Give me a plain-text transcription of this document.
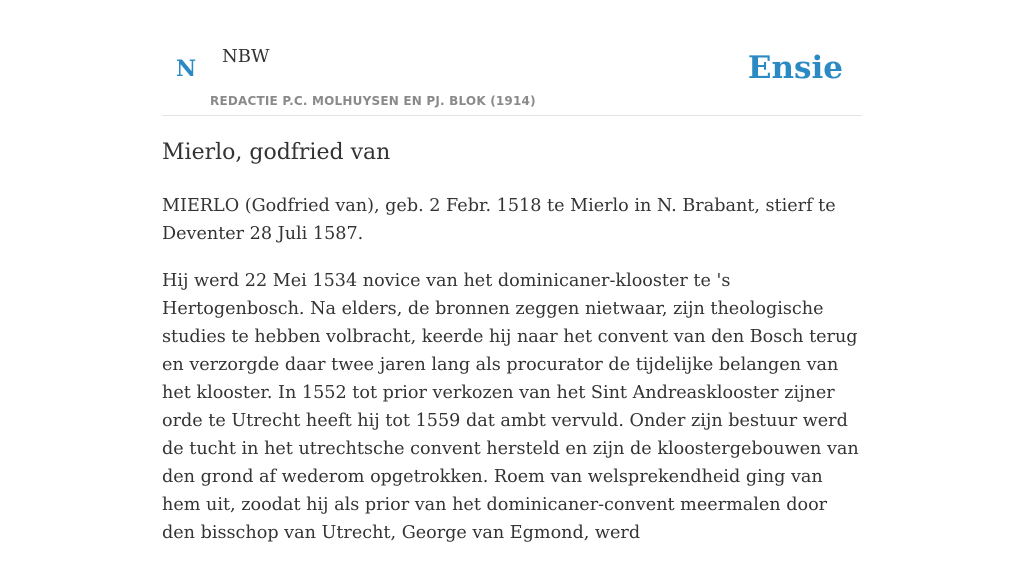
N NBW
REDACTIE P.C. MOLHUYSEN EN PJ. BLOK (1914)
Ensie
Mierlo, godfried van

MIERLO (Godfried van), geb. 2 Febr. 1518 te Mierlo in N. Brabant, stierf te Deventer 28 Juli 1587.

Hij werd 22 Mei 1534 novice van het dominicaner-klooster te 's Hertogenbosch. Na elders, de bronnen zeggen nietwaar, zijn theologische studies te hebben volbracht, keerde hij naar het convent van den Bosch terug en verzorgde daar twee jaren lang als procurator de tijdelijke belangen van het klooster. In 1552 tot prior verkozen van het Sint Andreasklooster zijner orde te Utrecht heeft hij tot 1559 dat ambt vervuld. Onder zijn bestuur werd de tucht in het utrechtsche convent hersteld en zijn de kloostergebouwen van den grond af wederom opgetrokken. Roem van welsprekendheid ging van hem uit, zoodat hij als prior van het dominicaner-convent meermalen door den bisschop van Utrecht, George van Egmond, werd
